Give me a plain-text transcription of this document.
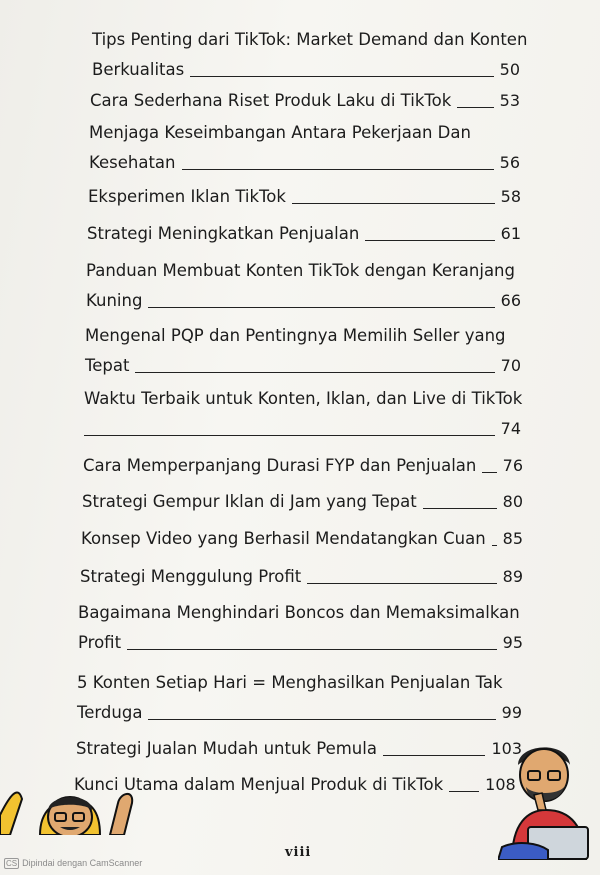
Tips Penting dari TikTok: Market Demand dan Konten
Berkualitas	50
Cara Sederhana Riset Produk Laku di TikTok	53
Menjaga Keseimbangan Antara Pekerjaan Dan
Kesehatan	56
Eksperimen Iklan TikTok	58
Strategi Meningkatkan Penjualan	61
Panduan Membuat Konten TikTok dengan Keranjang
Kuning	66
Mengenal PQP dan Pentingnya Memilih Seller yang
Tepat	70
Waktu Terbaik untuk Konten, Iklan, dan Live di TikTok
74
Cara Memperpanjang Durasi FYP dan Penjualan 76
Strategi Gempur Iklan di Jam yang Tepat	80
Konsep Video yang Berhasil Mendatangkan Cuan 85
Strategi Menggulung Profit	89
Bagaimana Menghindari Boncos dan Memaksimalkan
Profit	95
5 Konten Setiap Hari = Menghasilkan Penjualan Tak
Terduga	99
Strategi Jualan Mudah untuk Pemula	103
Kunci Utama dalam Menjual Produk di TikTok	108
viii
CS Dipindai dengan CamScanner
